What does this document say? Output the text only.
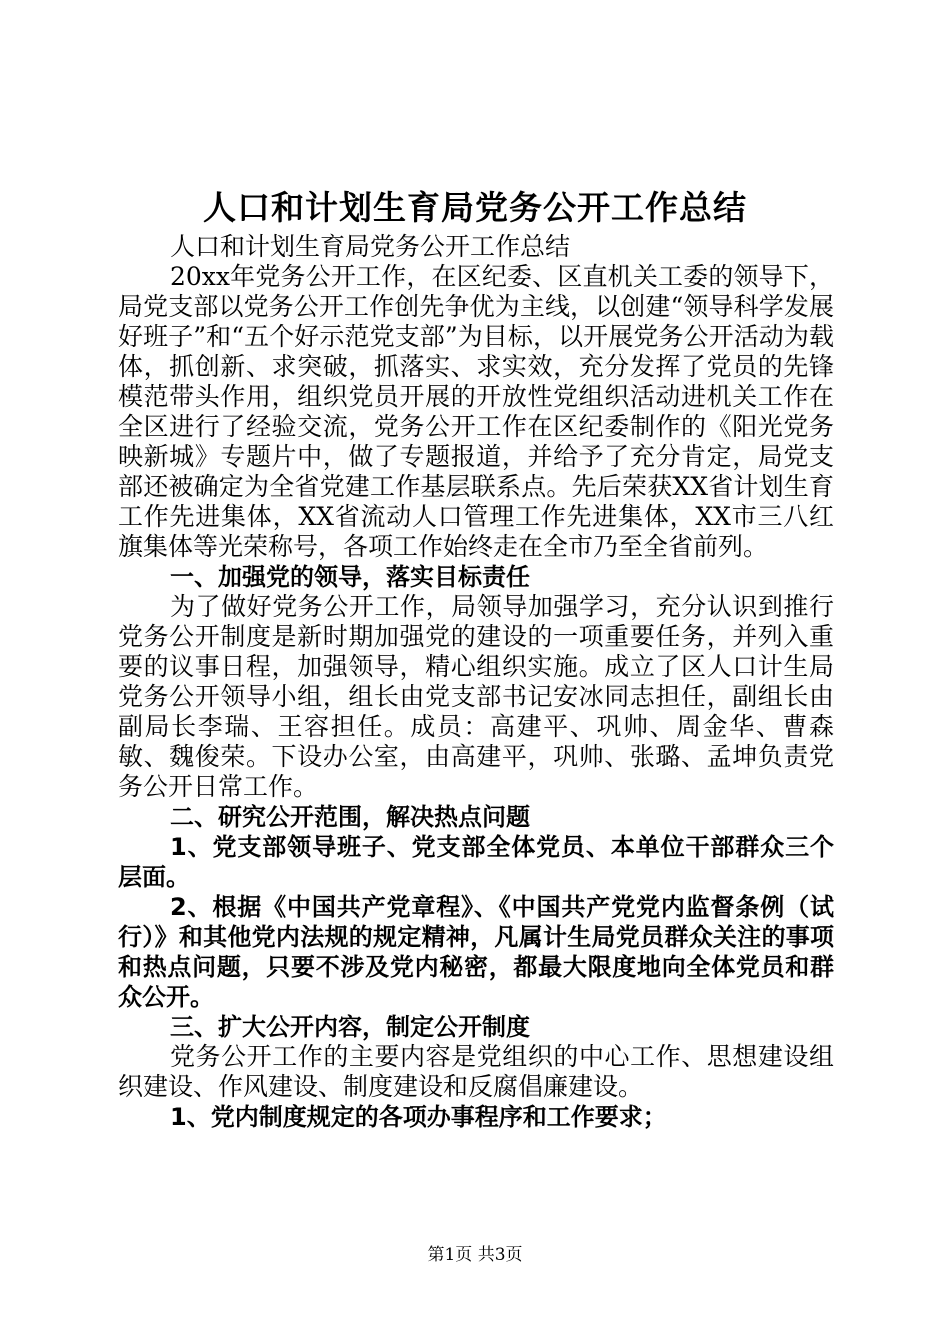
人口和计划生育局党务公开工作总结

人口和计划生育局党务公开工作总结

20xx年党务公开工作，在区纪委、区直机关工委的领导下，局党支部以党务公开工作创先争优为主线，以创建“领导科学发展好班子”和“五个好示范党支部”为目标，以开展党务公开活动为载体，抓创新、求突破，抓落实、求实效，充分发挥了党员的先锋模范带头作用，组织党员开展的开放性党组织活动进机关工作在全区进行了经验交流，党务公开工作在区纪委制作的《阳光党务映新城》专题片中，做了专题报道，并给予了充分肯定，局党支部还被确定为全省党建工作基层联系点。先后荣获XX省计划生育工作先进集体，XX省流动人口管理工作先进集体，XX市三八红旗集体等光荣称号，各项工作始终走在全市乃至全省前列。

一、加强党的领导，落实目标责任

为了做好党务公开工作，局领导加强学习，充分认识到推行党务公开制度是新时期加强党的建设的一项重要任务，并列入重要的议事日程，加强领导，精心组织实施。成立了区人口计生局党务公开领导小组，组长由党支部书记安冰同志担任，副组长由副局长李瑞、王容担任。成员：高建平、巩帅、周金华、曹森敏、魏俊荣。下设办公室，由高建平，巩帅、张璐、孟坤负责党务公开日常工作。

二、研究公开范围，解决热点问题

1、党支部领导班子、党支部全体党员、本单位干部群众三个层面。

2、根据《中国共产党章程》、《中国共产党党内监督条例（试行）》和其他党内法规的规定精神，凡属计生局党员群众关注的事项和热点问题，只要不涉及党内秘密，都最大限度地向全体党员和群众公开。

三、扩大公开内容，制定公开制度

党务公开工作的主要内容是党组织的中心工作、思想建设组织建设、作风建设、制度建设和反腐倡廉建设。

1、党内制度规定的各项办事程序和工作要求；

第1页 共3页
